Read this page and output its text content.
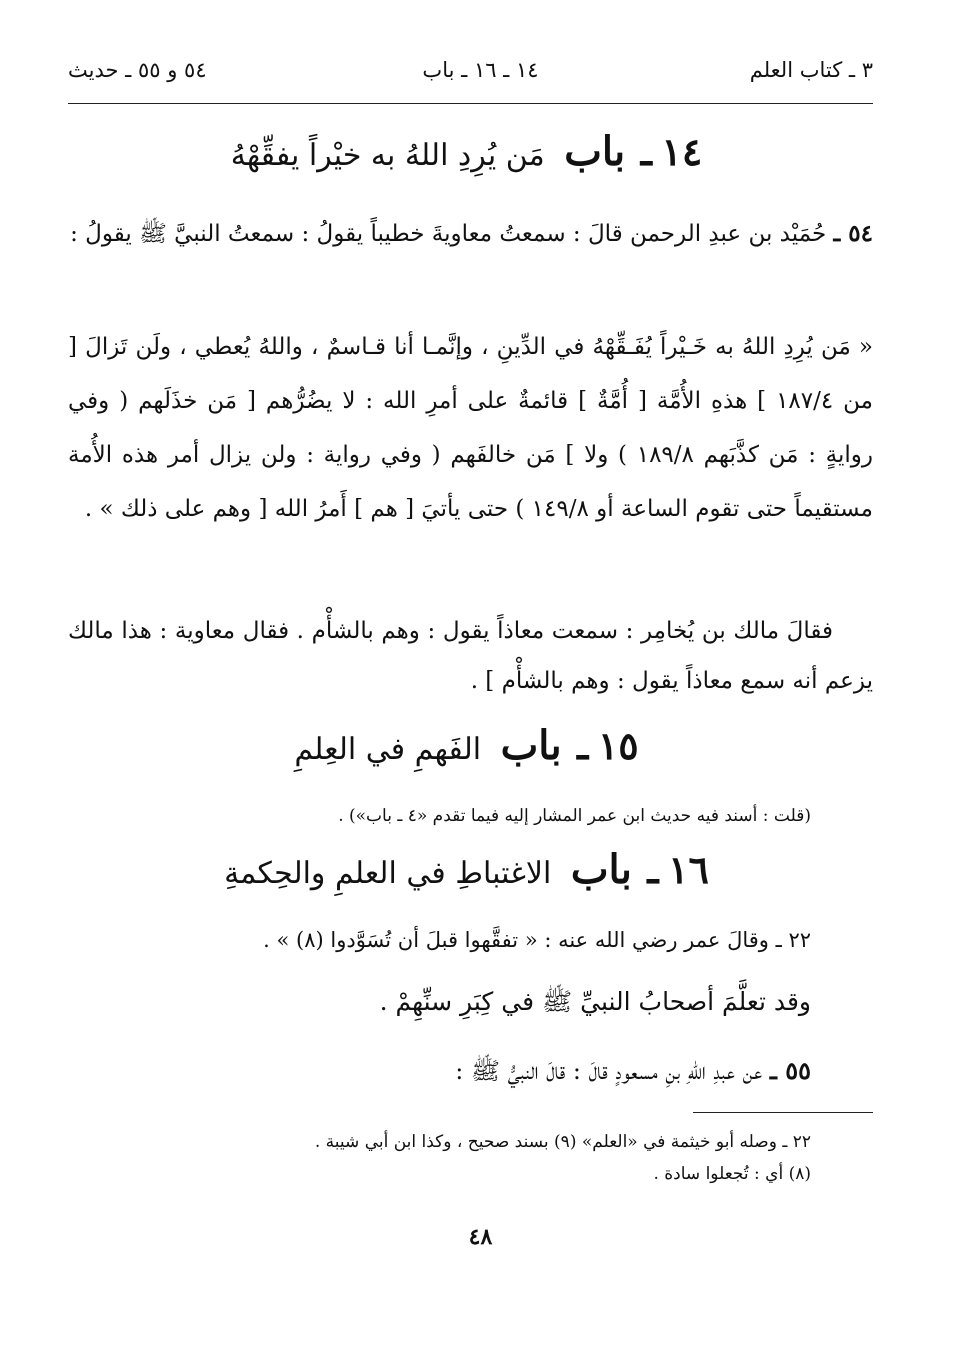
٣ ـ كتاب العلم
١٤ ـ ١٦ ـ باب
٥٤ و ٥٥ ـ حديث
١٤ ـ باب مَن يُرِدِ اللهُ به خيْراً يفقِّهْهُ
٥٤ ـ حُمَيْد بن عبدِ الرحمن قالَ : سمعتُ معاويةَ خطيباً يقولُ : سمعتُ النبيَّ ﷺ يقولُ :
« مَن يُرِدِ اللهُ به خَـيْراً يُفَـقِّهْهُ في الدِّينِ ، وإنَّمـا أنا قـاسمٌ ، واللهُ يُعطي ، ولَن تَزالَ [ من ١٨٧/٤ ] هذهِ الأُمَّة [ أُمَّةٌ ] قائمةٌ على أمرِ الله : لا يضُرُّهم [ مَن خذَلَهم ( وفي روايةٍ : مَن كذَّبَهم ١٨٩/٨ ) ولا ] مَن خالفَهم ( وفي رواية : ولن يزال أمر هذه الأُمة مستقيماً حتى تقوم الساعة أو ١٤٩/٨ ) حتى يأتيَ [ هم ] أَمرُ الله [ وهم على ذلك » .
فقالَ مالك بن يُخامِر : سمعت معاذاً يقول : وهم بالشأْم . فقال معاوية : هذا مالك يزعم أنه سمع معاذاً يقول : وهم بالشأْم ] .
١٥ ـ باب الفَهمِ في العِلمِ
(قلت : أسند فيه حديث ابن عمر المشار إليه فيما تقدم «٤ ـ باب») .
١٦ ـ باب الاغتباطِ في العلمِ والحِكمةِ
٢٢ ـ وقالَ عمر رضي الله عنه : « تفقَّهوا قبلَ أن تُسَوَّدوا (٨) » .
وقد تعلَّمَ أصحابُ النبيِّ ﷺ في كِبَرِ سنِّهِمْ .
٥٥ ـ عن عبدِ اللهِ بنِ مسعودٍ قالَ : قالَ النبيُّ ﷺ :
٢٢ ـ وصله أبو خيثمة في «العلم» (٩) بسند صحيح ، وكذا ابن أبي شيبة .
(٨) أي : تُجعلوا سادة .
٤٨
